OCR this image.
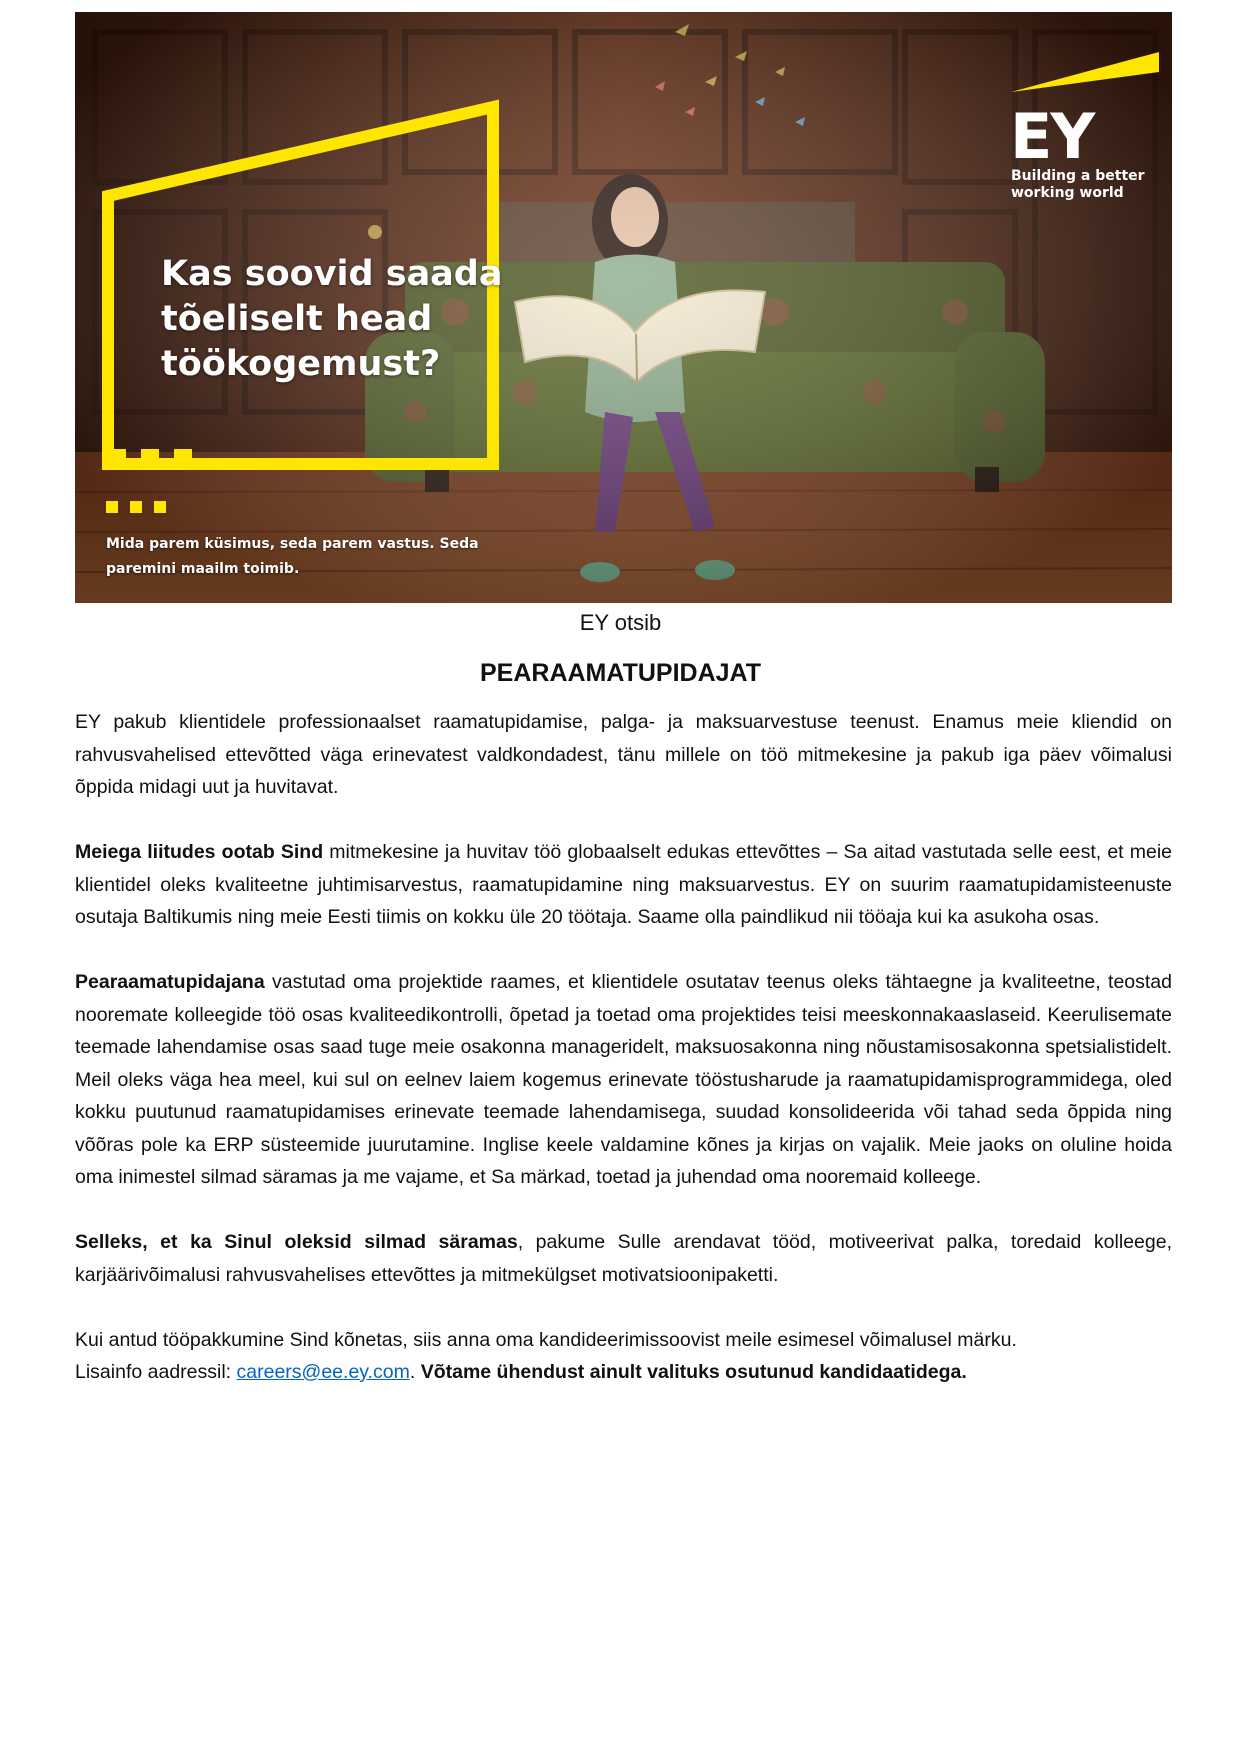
Kas soovid saada
tõeliselt head
töökogemust?
Mida parem küsimus, seda parem vastus. Seda paremini maailm toimib.
EY
Building a better working world

EY otsib

PEARAAMATUPIDAJAT

EY pakub klientidele professionaalset raamatupidamise, palga- ja maksuarvestuse teenust. Enamus meie kliendid on rahvusvahelised ettevõtted väga erinevatest valdkondadest, tänu millele on töö mitmekesine ja pakub iga päev võimalusi õppida midagi uut ja huvitavat.

Meiega liitudes ootab Sind mitmekesine ja huvitav töö globaalselt edukas ettevõttes – Sa aitad vastutada selle eest, et meie klientidel oleks kvaliteetne juhtimisarvestus, raamatupidamine ning maksuarvestus. EY on suurim raamatupidamisteenuste osutaja Baltikumis ning meie Eesti tiimis on kokku üle 20 töötaja. Saame olla paindlikud nii tööaja kui ka asukoha osas.

Pearaamatupidajana vastutad oma projektide raames, et klientidele osutatav teenus oleks tähtaegne ja kvaliteetne, teostad nooremate kolleegide töö osas kvaliteedikontrolli, õpetad ja toetad oma projektides teisi meeskonnakaaslaseid. Keerulisemate teemade lahendamise osas saad tuge meie osakonna manageridelt, maksuosakonna ning nõustamisosakonna spetsialistidelt. Meil oleks väga hea meel, kui sul on eelnev laiem kogemus erinevate tööstusharude ja raamatupidamisprogrammidega, oled kokku puutunud raamatupidamises erinevate teemade lahendamisega, suudad konsolideerida või tahad seda õppida ning võõras pole ka ERP süsteemide juurutamine. Inglise keele valdamine kõnes ja kirjas on vajalik. Meie jaoks on oluline hoida oma inimestel silmad säramas ja me vajame, et Sa märkad, toetad ja juhendad oma nooremaid kolleege.

Selleks, et ka Sinul oleksid silmad säramas, pakume Sulle arendavat tööd, motiveerivat palka, toredaid kolleege, karjäärivõimalusi rahvusvahelises ettevõttes ja mitmekülgset motivatsioonipaketti.

Kui antud tööpakkumine Sind kõnetas, siis anna oma kandideerimissoovist meile esimesel võimalusel märku.
Lisainfo aadressil: careers@ee.ey.com. Võtame ühendust ainult valituks osutunud kandidaatidega.
